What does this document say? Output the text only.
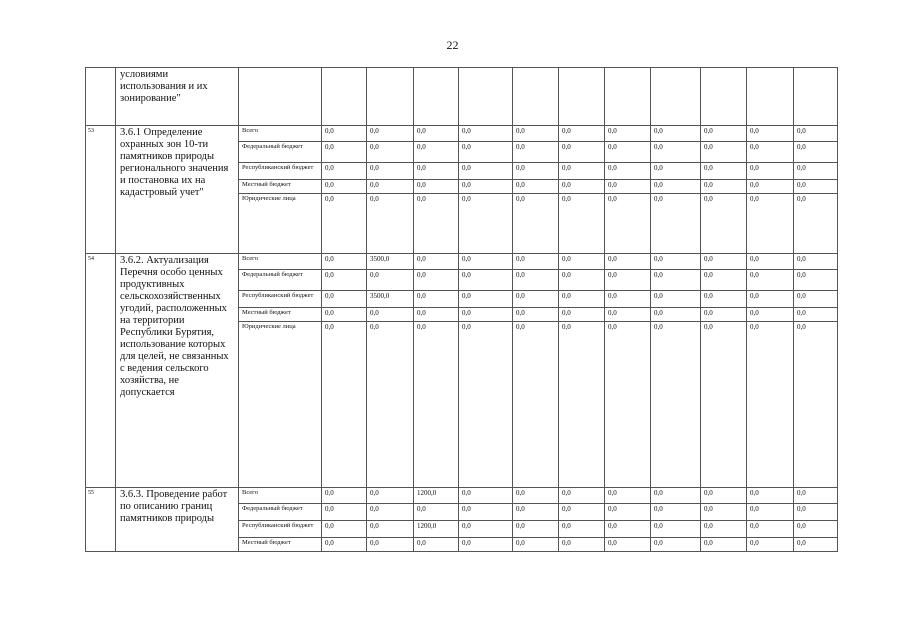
22
	условиями использования и их зонирование"												
53	3.6.1 Определение охранных зон 10-ти памятников природы регионального значения и постановка их на кадастровый учет"	Всего	0,0	0,0	0,0	0,0	0,0	0,0	0,0	0,0	0,0	0,0	0,0
		Федеральный бюджет	0,0	0,0	0,0	0,0	0,0	0,0	0,0	0,0	0,0	0,0	0,0
		Республиканский бюджет	0,0	0,0	0,0	0,0	0,0	0,0	0,0	0,0	0,0	0,0	0,0
		Местный бюджет	0,0	0,0	0,0	0,0	0,0	0,0	0,0	0,0	0,0	0,0	0,0
		Юридические лица	0,0	0,0	0,0	0,0	0,0	0,0	0,0	0,0	0,0	0,0	0,0
54	3.6.2. Актуализация Перечня особо ценных продуктивных сельскохозяйственных угодий, расположенных на территории Республики Бурятия, использование которых для целей, не связанных с ведения сельского хозяйства, не допускается	Всего	0,0	3500,0	0,0	0,0	0,0	0,0	0,0	0,0	0,0	0,0	0,0
		Федеральный бюджет	0,0	0,0	0,0	0,0	0,0	0,0	0,0	0,0	0,0	0,0	0,0
		Республиканский бюджет	0,0	3500,0	0,0	0,0	0,0	0,0	0,0	0,0	0,0	0,0	0,0
		Местный бюджет	0,0	0,0	0,0	0,0	0,0	0,0	0,0	0,0	0,0	0,0	0,0
		Юридические лица	0,0	0,0	0,0	0,0	0,0	0,0	0,0	0,0	0,0	0,0	0,0
55	3.6.3. Проведение работ по описанию границ памятников природы	Всего	0,0	0,0	1200,0	0,0	0,0	0,0	0,0	0,0	0,0	0,0	0,0
		Федеральный бюджет	0,0	0,0	0,0	0,0	0,0	0,0	0,0	0,0	0,0	0,0	0,0
		Республиканский бюджет	0,0	0,0	1200,0	0,0	0,0	0,0	0,0	0,0	0,0	0,0	0,0
		Местный бюджет	0,0	0,0	0,0	0,0	0,0	0,0	0,0	0,0	0,0	0,0	0,0
